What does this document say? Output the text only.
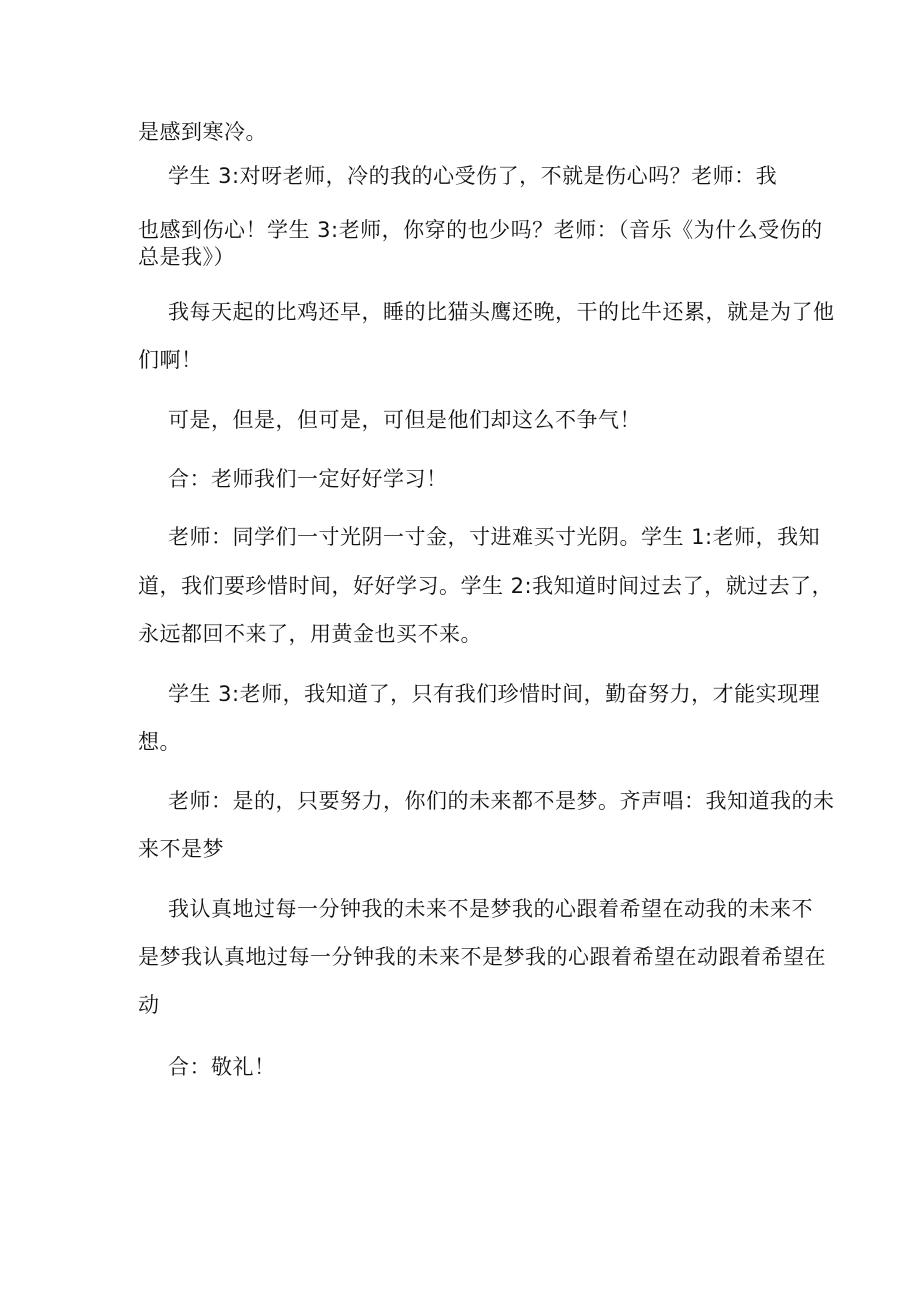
是感到寒冷。
学生 3:对呀老师，冷的我的心受伤了，不就是伤心吗？老师：我
也感到伤心！学生 3:老师，你穿的也少吗？老师：（音乐《为什么受伤的
总是我》）
我每天起的比鸡还早，睡的比猫头鹰还晚，干的比牛还累，就是为了他
们啊！
可是，但是，但可是，可但是他们却这么不争气！
合：老师我们一定好好学习！
老师：同学们一寸光阴一寸金，寸进难买寸光阴。学生 1:老师，我知
道，我们要珍惜时间，好好学习。学生 2:我知道时间过去了，就过去了，
永远都回不来了，用黄金也买不来。
学生 3:老师，我知道了，只有我们珍惜时间，勤奋努力，才能实现理
想。
老师：是的，只要努力，你们的未来都不是梦。齐声唱：我知道我的未
来不是梦
我认真地过每一分钟我的未来不是梦我的心跟着希望在动我的未来不
是梦我认真地过每一分钟我的未来不是梦我的心跟着希望在动跟着希望在
动
合：敬礼！
